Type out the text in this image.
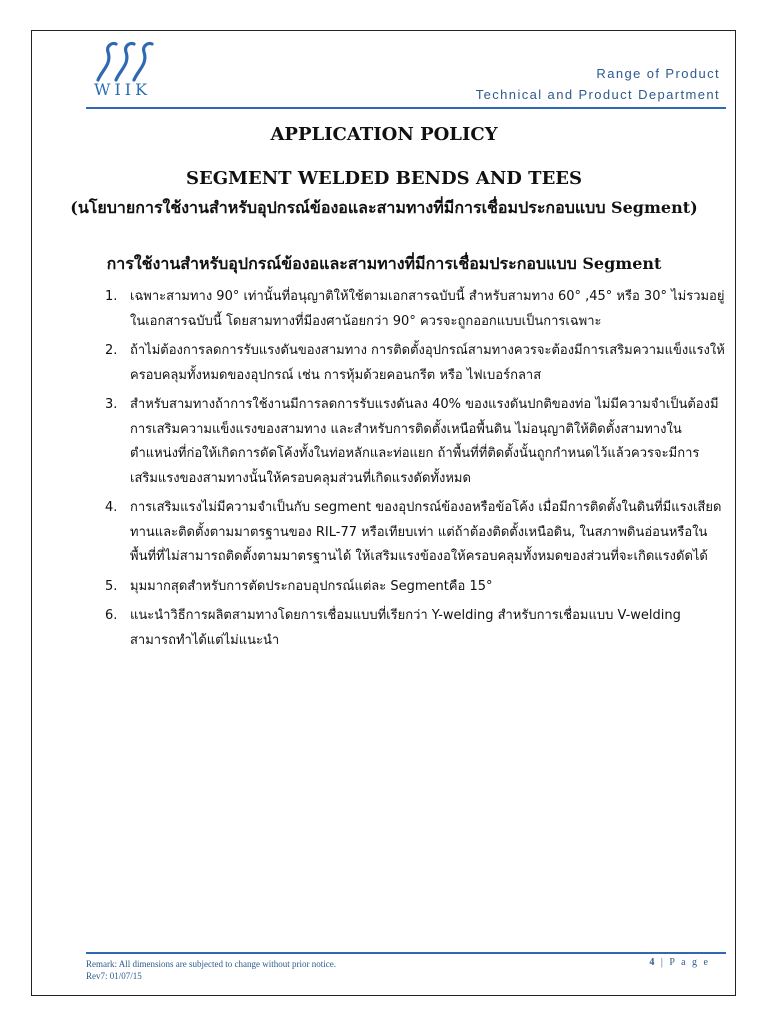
WIIK
Range of Product
Technical and Product Department
APPLICATION POLICY
SEGMENT WELDED BENDS AND TEES
(นโยบายการใช้งานสำหรับอุปกรณ์ข้องอและสามทางที่มีการเชื่อมประกอบแบบ Segment)
การใช้งานสำหรับอุปกรณ์ข้องอและสามทางที่มีการเชื่อมประกอบแบบ Segment
1. เฉพาะสามทาง 90° เท่านั้นที่อนุญาติให้ใช้ตามเอกสารฉบับนี้ สำหรับสามทาง 60° ,45° หรือ 30° ไม่รวมอยู่ในเอกสารฉบับนี้ โดยสามทางที่มีองศาน้อยกว่า 90° ควรจะถูกออกแบบเป็นการเฉพาะ
2. ถ้าไม่ต้องการลดการรับแรงดันของสามทาง การติดตั้งอุปกรณ์สามทางควรจะต้องมีการเสริมความแข็งแรงให้ครอบคลุมทั้งหมดของอุปกรณ์ เช่น การหุ้มด้วยคอนกรีต หรือ ไฟเบอร์กลาส
3. สำหรับสามทางถ้าการใช้งานมีการลดการรับแรงดันลง 40% ของแรงดันปกติของท่อ ไม่มีความจำเป็นต้องมีการเสริมความแข็งแรงของสามทาง และสำหรับการติดตั้งเหนือพื้นดิน ไม่อนุญาติให้ติดตั้งสามทางในตำแหน่งที่ก่อให้เกิดการดัดโค้งทั้งในท่อหลักและท่อแยก ถ้าพื้นที่ที่ติดตั้งนั้นถูกกำหนดไว้แล้วควรจะมีการเสริมแรงของสามทางนั้นให้ครอบคลุมส่วนที่เกิดแรงดัดทั้งหมด
4. การเสริมแรงไม่มีความจำเป็นกับ segment ของอุปกรณ์ข้องอหรือข้อโค้ง เมื่อมีการติดตั้งในดินที่มีแรงเสียดทานและติดตั้งตามมาตรฐานของ RIL-77 หรือเทียบเท่า แต่ถ้าต้องติดตั้งเหนือดิน, ในสภาพดินอ่อนหรือในพื้นที่ที่ไม่สามารถติดตั้งตามมาตรฐานได้ ให้เสริมแรงข้องอให้ครอบคลุมทั้งหมดของส่วนที่จะเกิดแรงดัดได้
5. มุมมากสุดสำหรับการตัดประกอบอุปกรณ์แต่ละ Segmentคือ 15°
6. แนะนำวิธีการผลิตสามทางโดยการเชื่อมแบบที่เรียกว่า Y-welding สำหรับการเชื่อมแบบ V-welding สามารถทำได้แต่ไม่แนะนำ
Remark: All dimensions are subjected to change without prior notice.
Rev7: 01/07/15
4 | P a g e
